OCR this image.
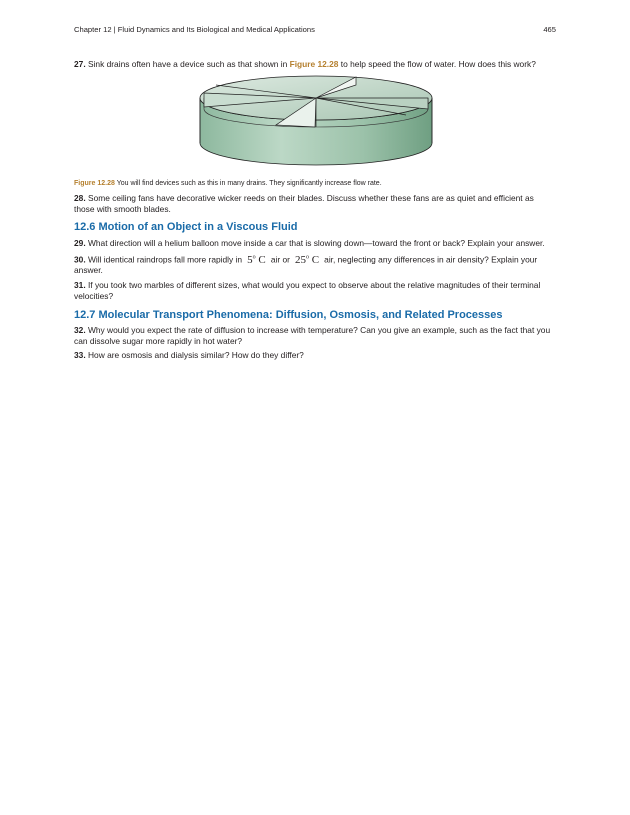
Chapter 12 | Fluid Dynamics and Its Biological and Medical Applications	465
27. Sink drains often have a device such as that shown in Figure 12.28 to help speed the flow of water. How does this work?
Figure 12.28 You will find devices such as this in many drains. They significantly increase flow rate.
28. Some ceiling fans have decorative wicker reeds on their blades. Discuss whether these fans are as quiet and efficient as those with smooth blades.
12.6 Motion of an Object in a Viscous Fluid
29. What direction will a helium balloon move inside a car that is slowing down—toward the front or back? Explain your answer.
30. Will identical raindrops fall more rapidly in 5$^o$ C air or 25$^o$ C air, neglecting any differences in air density? Explain your answer.
31. If you took two marbles of different sizes, what would you expect to observe about the relative magnitudes of their terminal velocities?
12.7 Molecular Transport Phenomena: Diffusion, Osmosis, and Related Processes
32. Why would you expect the rate of diffusion to increase with temperature? Can you give an example, such as the fact that you can dissolve sugar more rapidly in hot water?
33. How are osmosis and dialysis similar? How do they differ?
